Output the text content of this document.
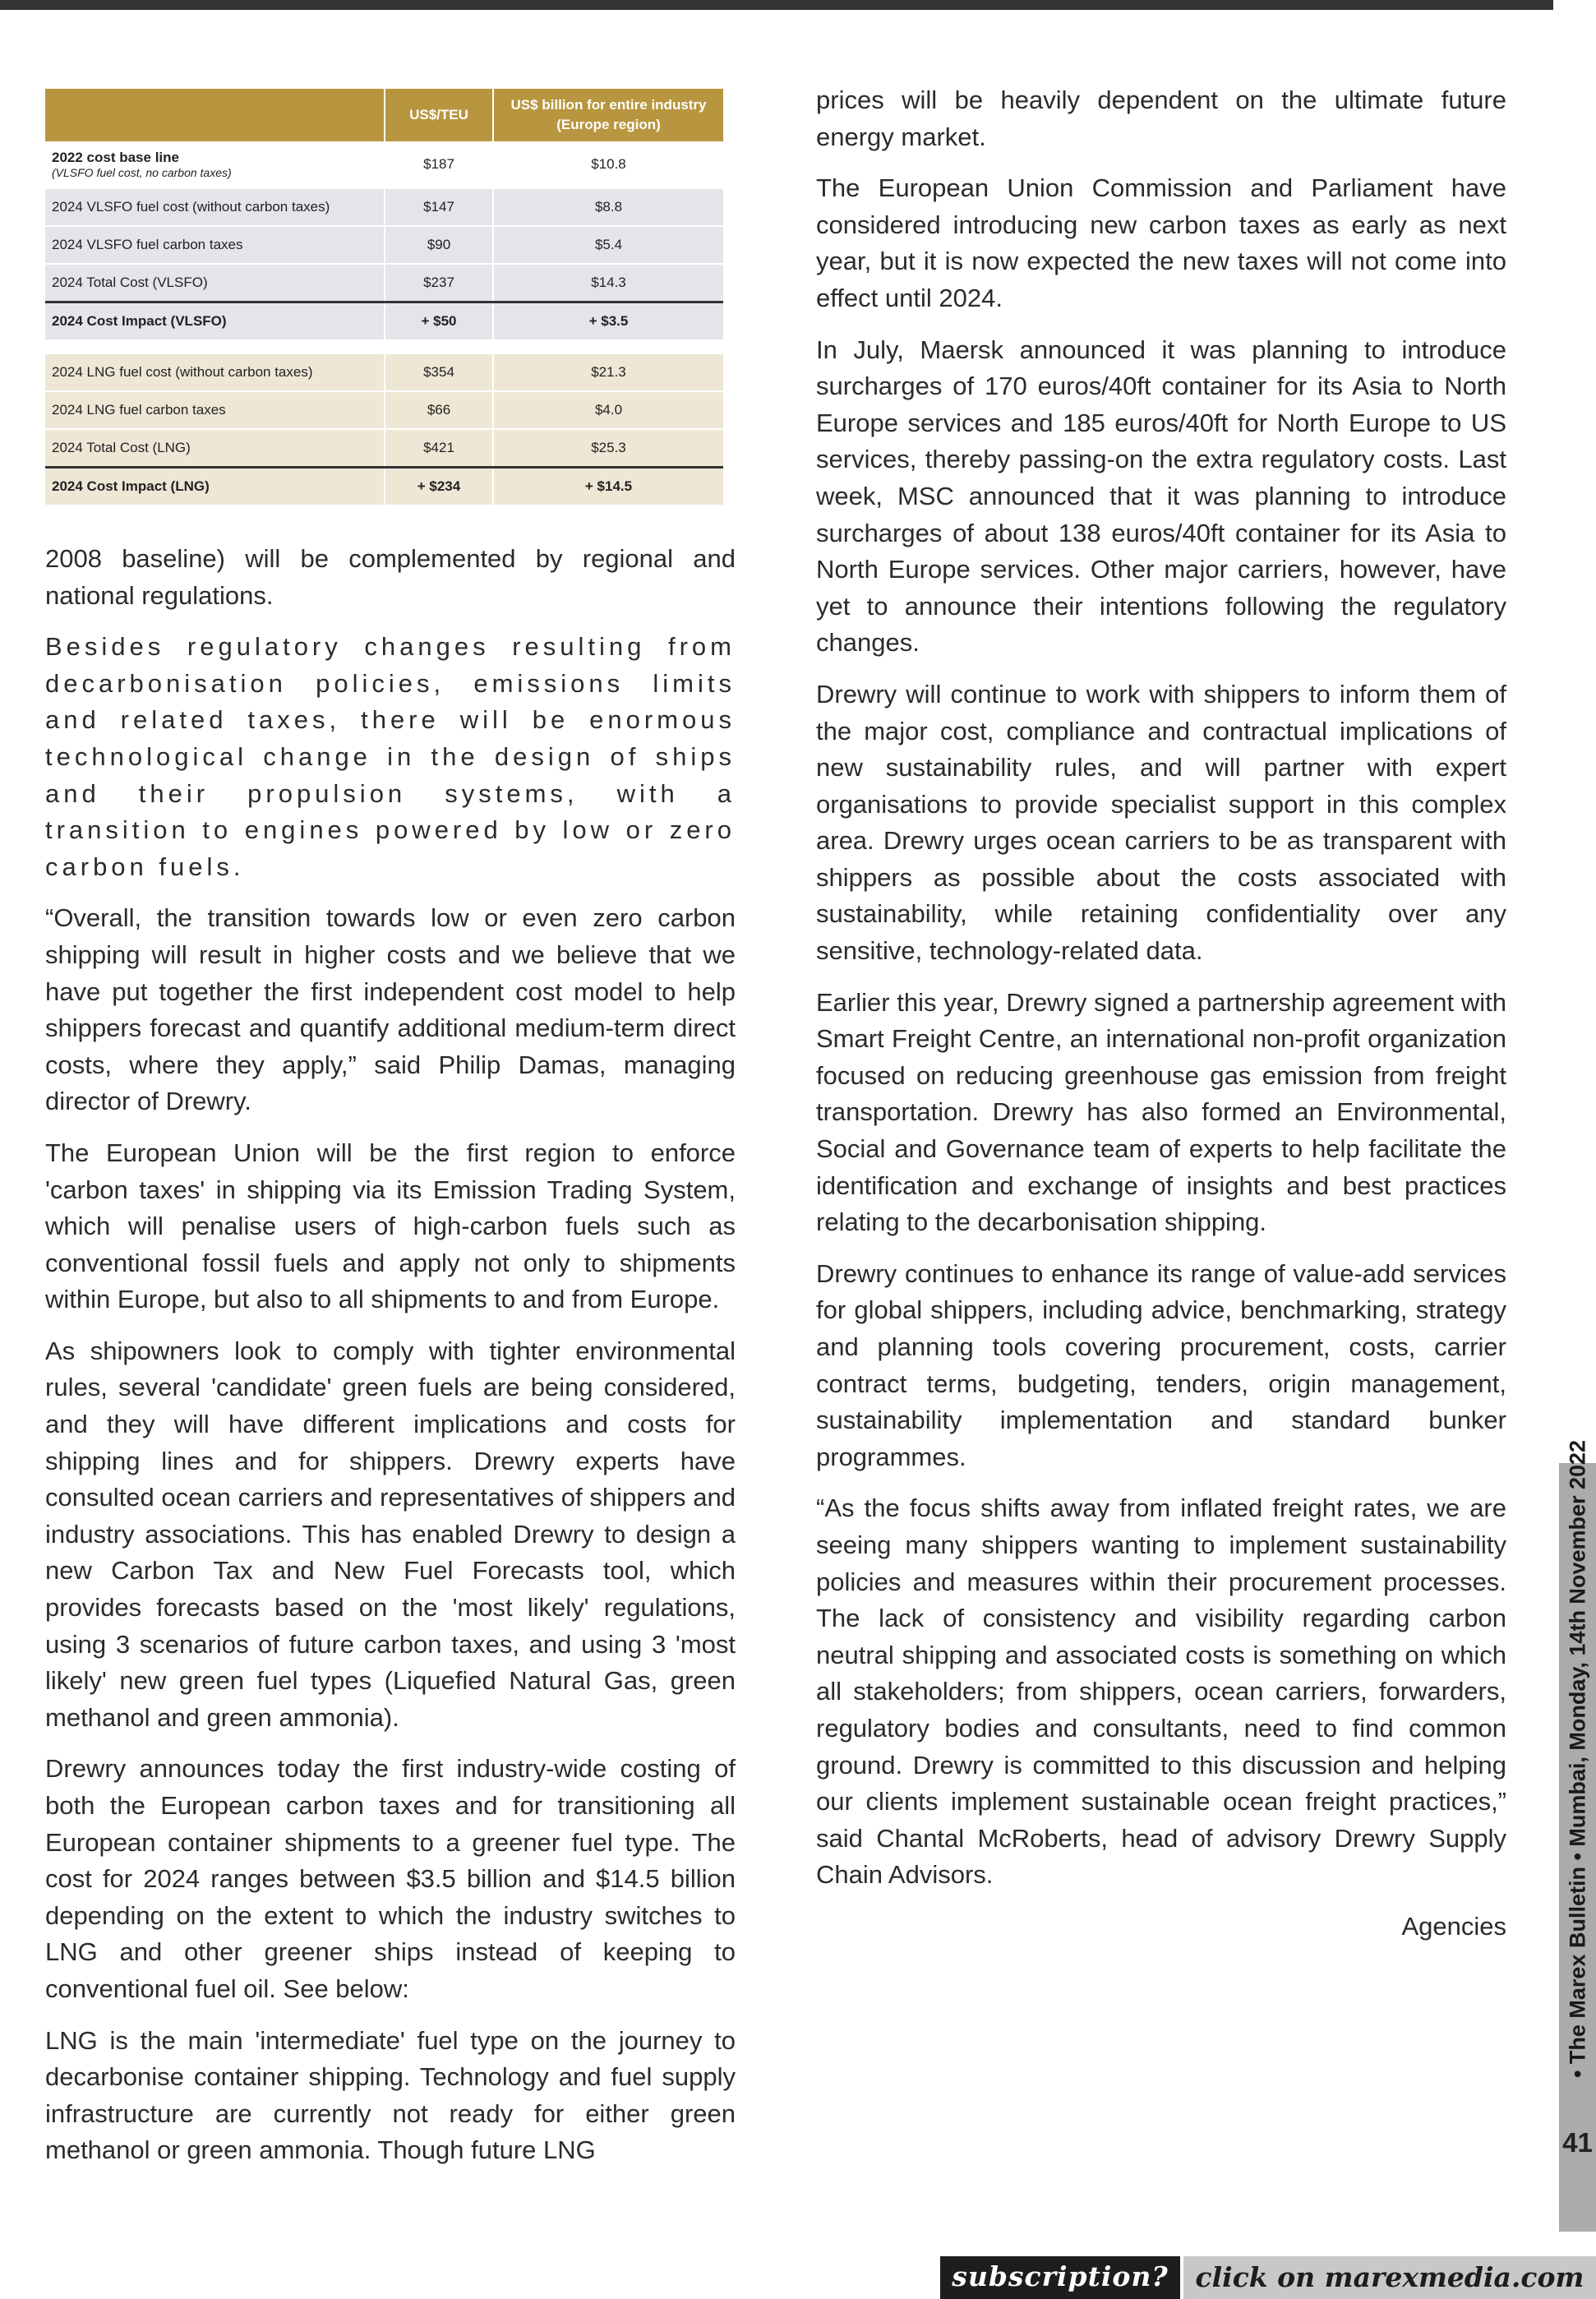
	US$/TEU	US$ billion for entire industry (Europe region)
2022 cost base line
(VLSFO fuel cost, no carbon taxes)	$187	$10.8
2024 VLSFO fuel cost (without carbon taxes)	$147	$8.8
2024 VLSFO fuel carbon taxes	$90	$5.4
2024 Total Cost (VLSFO)	$237	$14.3
2024 Cost Impact (VLSFO)	+ $50	+ $3.5

2024 LNG fuel cost (without carbon taxes)	$354	$21.3
2024 LNG fuel carbon taxes	$66	$4.0
2024 Total Cost (LNG)	$421	$25.3
2024 Cost Impact (LNG)	+ $234	+ $14.5

2008 baseline) will be complemented by regional and national regulations.

Besides regulatory changes resulting from decarbonisation policies, emissions limits and related taxes, there will be enormous technological change in the design of ships and their propulsion systems, with a transition to engines powered by low or zero carbon fuels.

“Overall, the transition towards low or even zero carbon shipping will result in higher costs and we believe that we have put together the first independent cost model to help shippers forecast and quantify additional medium-term direct costs, where they apply,” said Philip Damas, managing director of Drewry.

The European Union will be the first region to enforce 'carbon taxes' in shipping via its Emission Trading System, which will penalise users of high-carbon fuels such as conventional fossil fuels and apply not only to shipments within Europe, but also to all shipments to and from Europe.

As shipowners look to comply with tighter environmental rules, several 'candidate' green fuels are being considered, and they will have different implications and costs for shipping lines and for shippers. Drewry experts have consulted ocean carriers and representatives of shippers and industry associations. This has enabled Drewry to design a new Carbon Tax and New Fuel Forecasts tool, which provides forecasts based on the 'most likely' regulations, using 3 scenarios of future carbon taxes, and using 3 'most likely' new green fuel types (Liquefied Natural Gas, green methanol and green ammonia).

Drewry announces today the first industry-wide costing of both the European carbon taxes and for transitioning all European container shipments to a greener fuel type. The cost for 2024 ranges between $3.5 billion and $14.5 billion depending on the extent to which the industry switches to LNG and other greener ships instead of keeping to conventional fuel oil. See below:

LNG is the main 'intermediate' fuel type on the journey to decarbonise container shipping. Technology and fuel supply infrastructure are currently not ready for either green methanol or green ammonia. Though future LNG

prices will be heavily dependent on the ultimate future energy market.

The European Union Commission and Parliament have considered introducing new carbon taxes as early as next year, but it is now expected the new taxes will not come into effect until 2024.

In July, Maersk announced it was planning to introduce surcharges of 170 euros/40ft container for its Asia to North Europe services and 185 euros/40ft for North Europe to US services, thereby passing-on the extra regulatory costs. Last week, MSC announced that it was planning to introduce surcharges of about 138 euros/40ft container for its Asia to North Europe services. Other major carriers, however, have yet to announce their intentions following the regulatory changes.

Drewry will continue to work with shippers to inform them of the major cost, compliance and contractual implications of new sustainability rules, and will partner with expert organisations to provide specialist support in this complex area. Drewry urges ocean carriers to be as transparent with shippers as possible about the costs associated with sustainability, while retaining confidentiality over any sensitive, technology-related data.

Earlier this year, Drewry signed a partnership agreement with Smart Freight Centre, an international non-profit organization focused on reducing greenhouse gas emission from freight transportation. Drewry has also formed an Environmental, Social and Governance team of experts to help facilitate the identification and exchange of insights and best practices relating to the decarbonisation shipping.

Drewry continues to enhance its range of value-add services for global shippers, including advice, benchmarking, strategy and planning tools covering procurement, costs, carrier contract terms, budgeting, tenders, origin management, sustainability implementation and standard bunker programmes.

“As the focus shifts away from inflated freight rates, we are seeing many shippers wanting to implement sustainability policies and measures within their procurement processes. The lack of consistency and visibility regarding carbon neutral shipping and associated costs is something on which all stakeholders; from shippers, ocean carriers, forwarders, regulatory bodies and consultants, need to find common ground. Drewry is committed to this discussion and helping our clients implement sustainable ocean freight practices,” said Chantal McRoberts, head of advisory Drewry Supply Chain Advisors.

Agencies	• The Marex Bulletin • Mumbai, Monday, 14th November 2022
41
subscription? click on marexmedia.com
